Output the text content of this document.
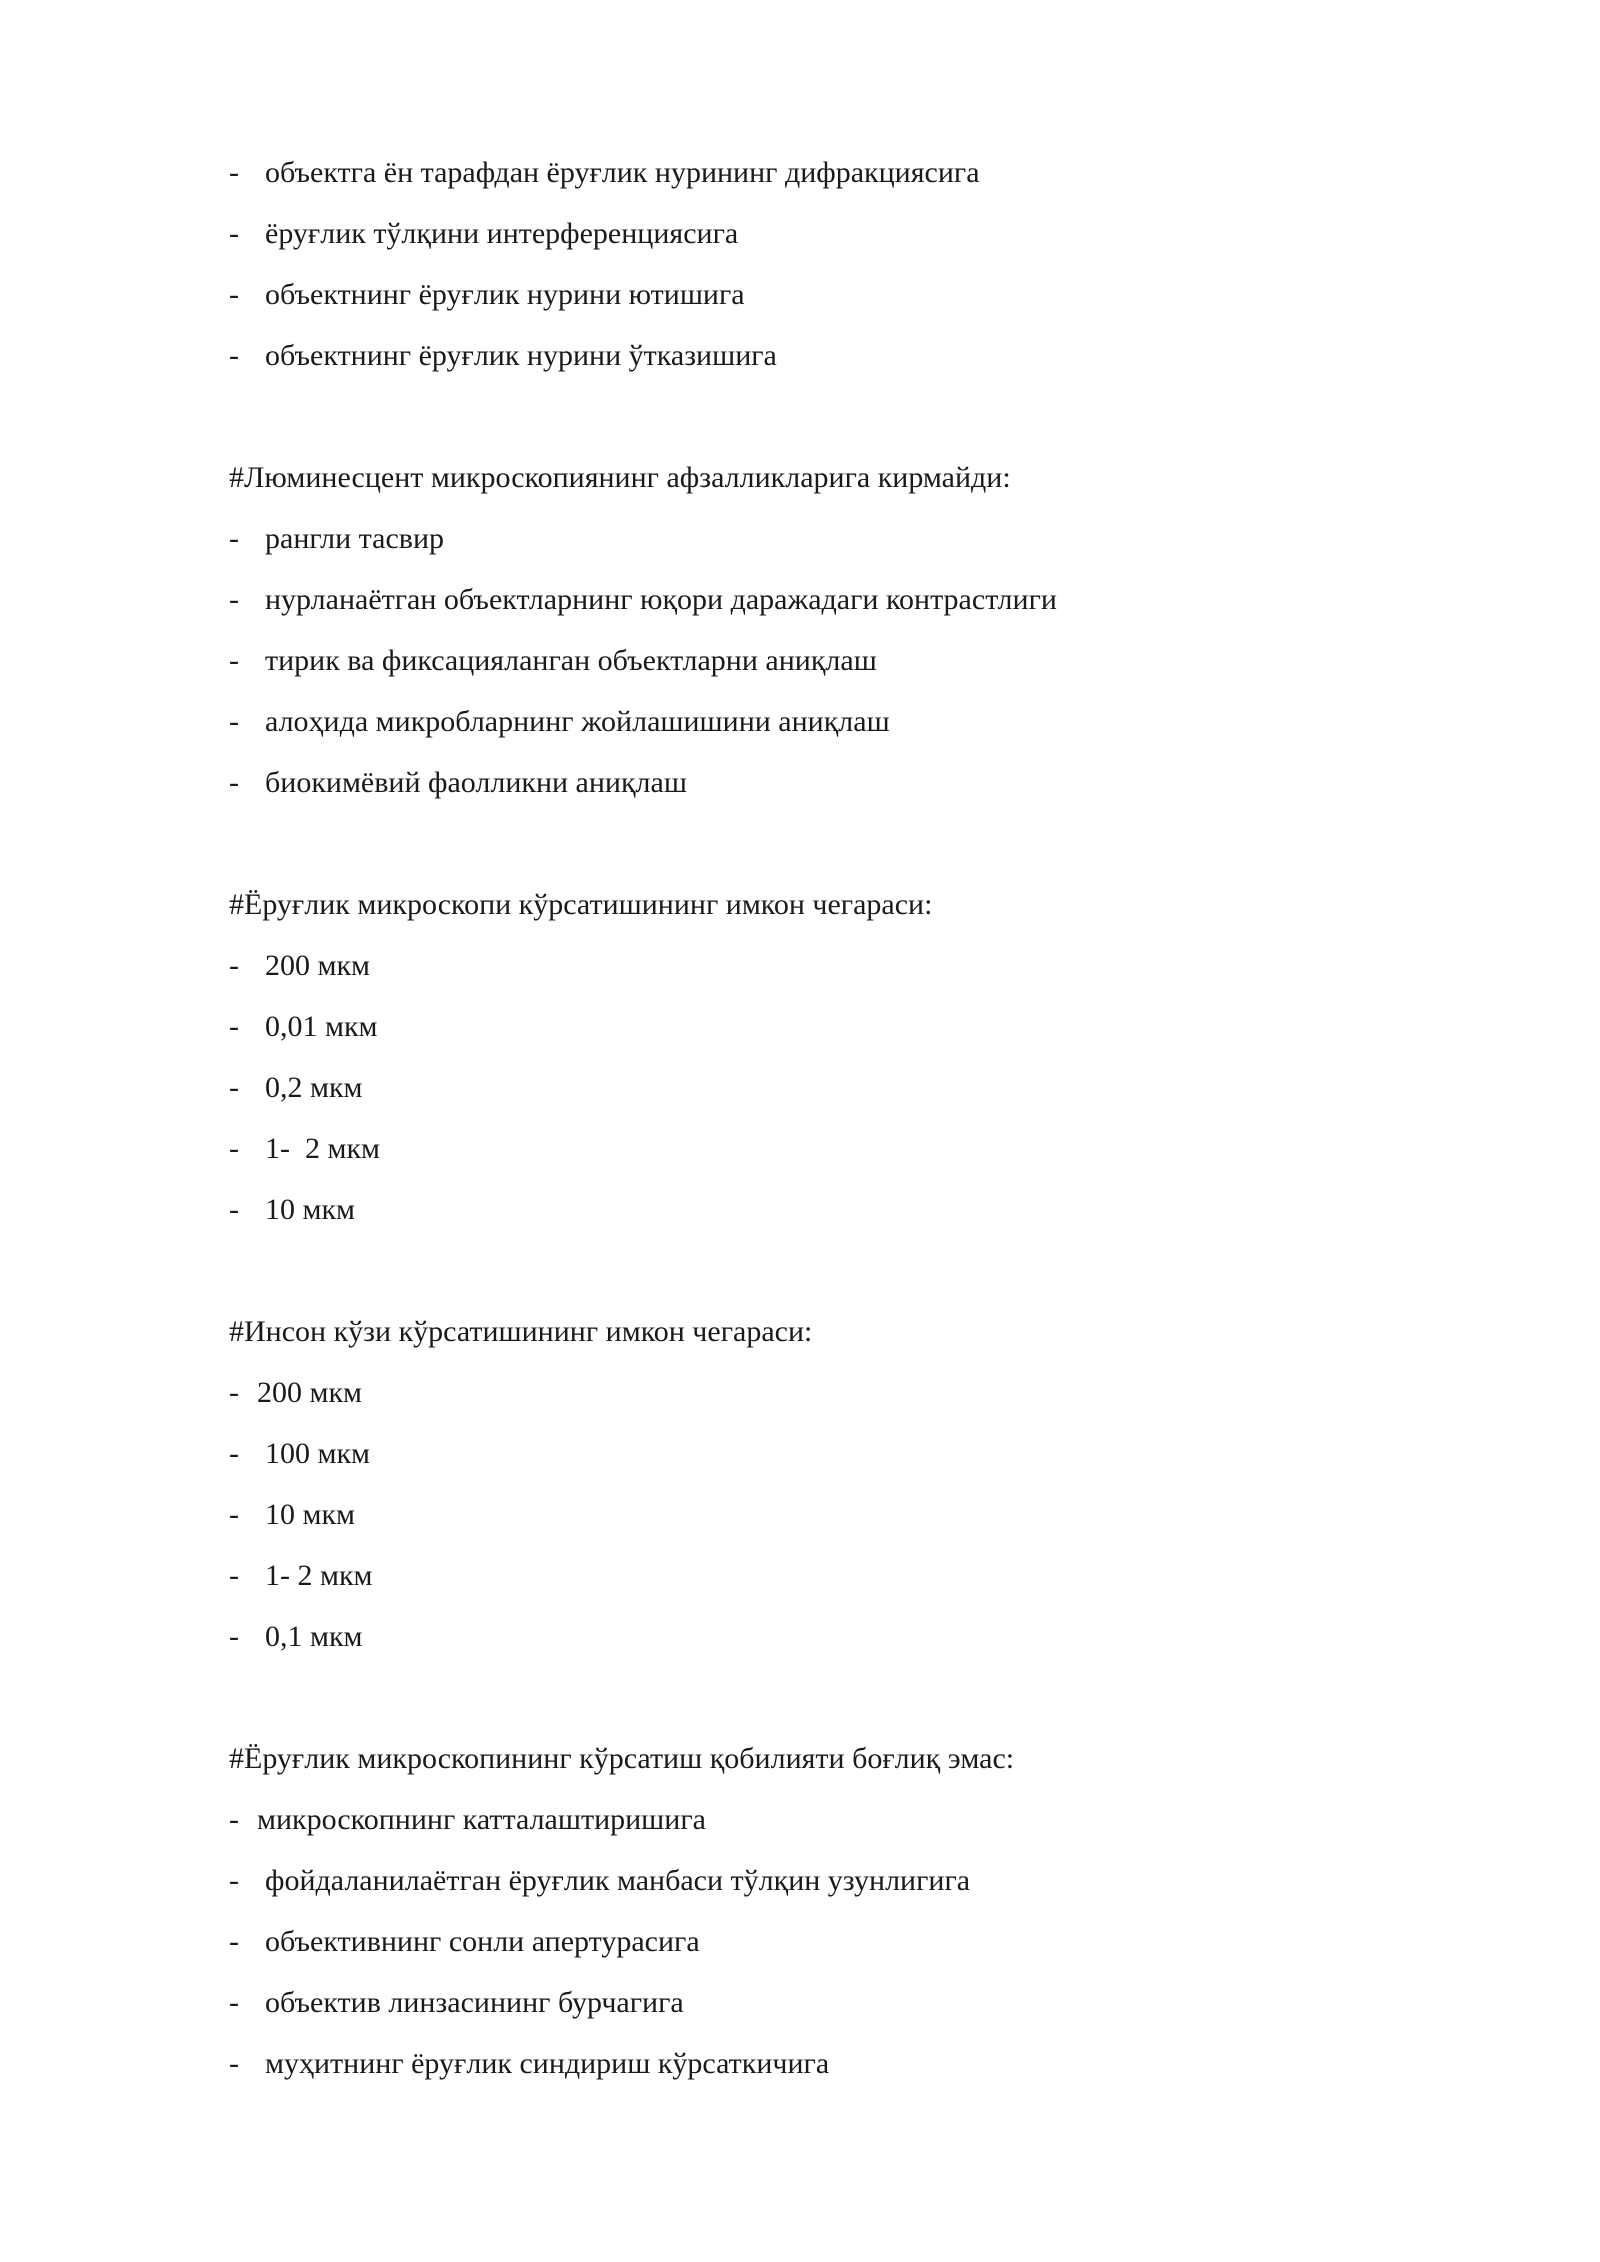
- объектга ён тарафдан ёруғлик нурининг дифракциясига
- ёруғлик тўлқини интерференциясига
- объектнинг ёруғлик нурини ютишига
- объектнинг ёруғлик нурини ўтказишига
#Люминесцент микроскопиянинг афзалликларига кирмайди:
- рангли тасвир
- нурланаётган объектларнинг юқори даражадаги контрастлиги
- тирик ва фиксацияланган объектларни аниқлаш
- алоҳида микробларнинг жойлашишини аниқлаш
- биокимёвий фаолликни аниқлаш
#Ёруғлик микроскопи кўрсатишининг имкон чегараси:
- 200 мкм
- 0,01 мкм
- 0,2 мкм
- 1-  2 мкм
- 10 мкм
#Инсон кўзи кўрсатишининг имкон чегараси:
- 200 мкм
- 100 мкм
- 10 мкм
- 1- 2 мкм
- 0,1 мкм
#Ёруғлик микроскопининг кўрсатиш қобилияти боғлиқ эмас:
- микроскопнинг катталаштиришига
- фойдаланилаётган ёруғлик манбаси тўлқин узунлигига
- объективнинг сонли апертурасига
- объектив линзасининг бурчагига
- муҳитнинг ёруғлик синдириш кўрсаткичига
